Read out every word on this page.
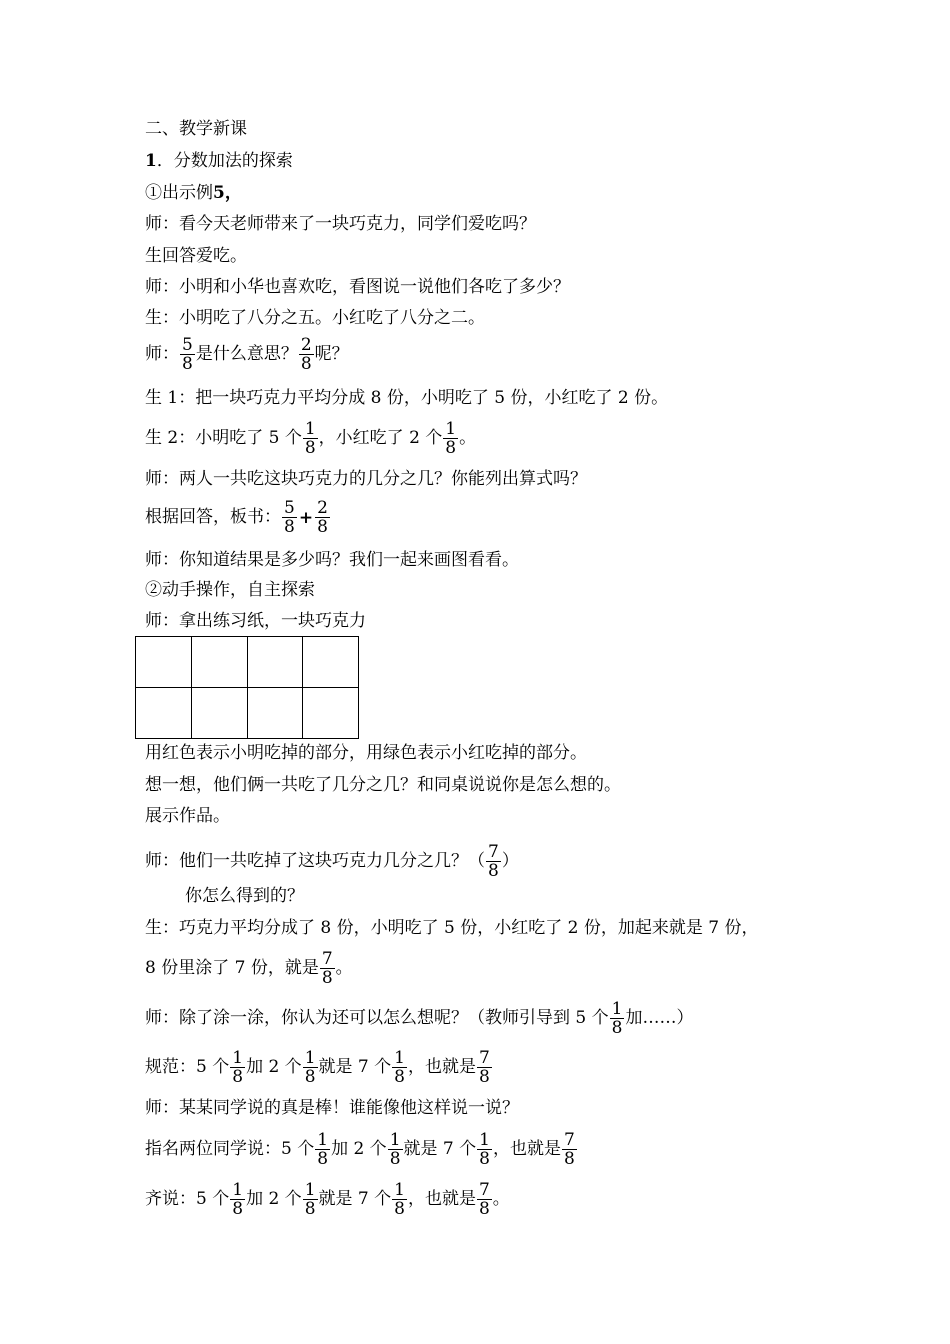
二、教学新课
1．分数加法的探索
①出示例5，
师：看今天老师带来了一块巧克力，同学们爱吃吗？
生回答爱吃。
师：小明和小华也喜欢吃，看图说一说他们各吃了多少？
生：小明吃了八分之五。小红吃了八分之二。
师： $\frac{5}{8}$ 是什么意思？ $\frac{2}{8}$ 呢？
生 1：把一块巧克力平均分成 8 份，小明吃了 5 份，小红吃了 2 份。
生 2：小明吃了 5 个 $\frac{1}{8}$ ，小红吃了 2 个 $\frac{1}{8}$ 。
师：两人一共吃这块巧克力的几分之几？你能列出算式吗？
根据回答，板书： $\frac{5}{8} + \frac{2}{8}$
师：你知道结果是多少吗？我们一起来画图看看。
②动手操作，自主探索
师：拿出练习纸，一块巧克力

用红色表示小明吃掉的部分，用绿色表示小红吃掉的部分。
想一想，他们俩一共吃了几分之几？和同桌说说你是怎么想的。
展示作品。
师：他们一共吃掉了这块巧克力几分之几？（ $\frac{7}{8}$ ）
你怎么得到的？
生：巧克力平均分成了 8 份，小明吃了 5 份，小红吃了 2 份，加起来就是 7 份，
8 份里涂了 7 份，就是 $\frac{7}{8}$ 。
师：除了涂一涂，你认为还可以怎么想呢？（教师引导到 5 个 $\frac{1}{8}$ 加……）
规范：5 个 $\frac{1}{8}$ 加 2 个 $\frac{1}{8}$ 就是 7 个 $\frac{1}{8}$ ，也就是 $\frac{7}{8}$
师：某某同学说的真是棒！谁能像他这样说一说？
指名两位同学说：5 个 $\frac{1}{8}$ 加 2 个 $\frac{1}{8}$ 就是 7 个 $\frac{1}{8}$ ，也就是 $\frac{7}{8}$
齐说：5 个 $\frac{1}{8}$ 加 2 个 $\frac{1}{8}$ 就是 7 个 $\frac{1}{8}$ ，也就是 $\frac{7}{8}$ 。
